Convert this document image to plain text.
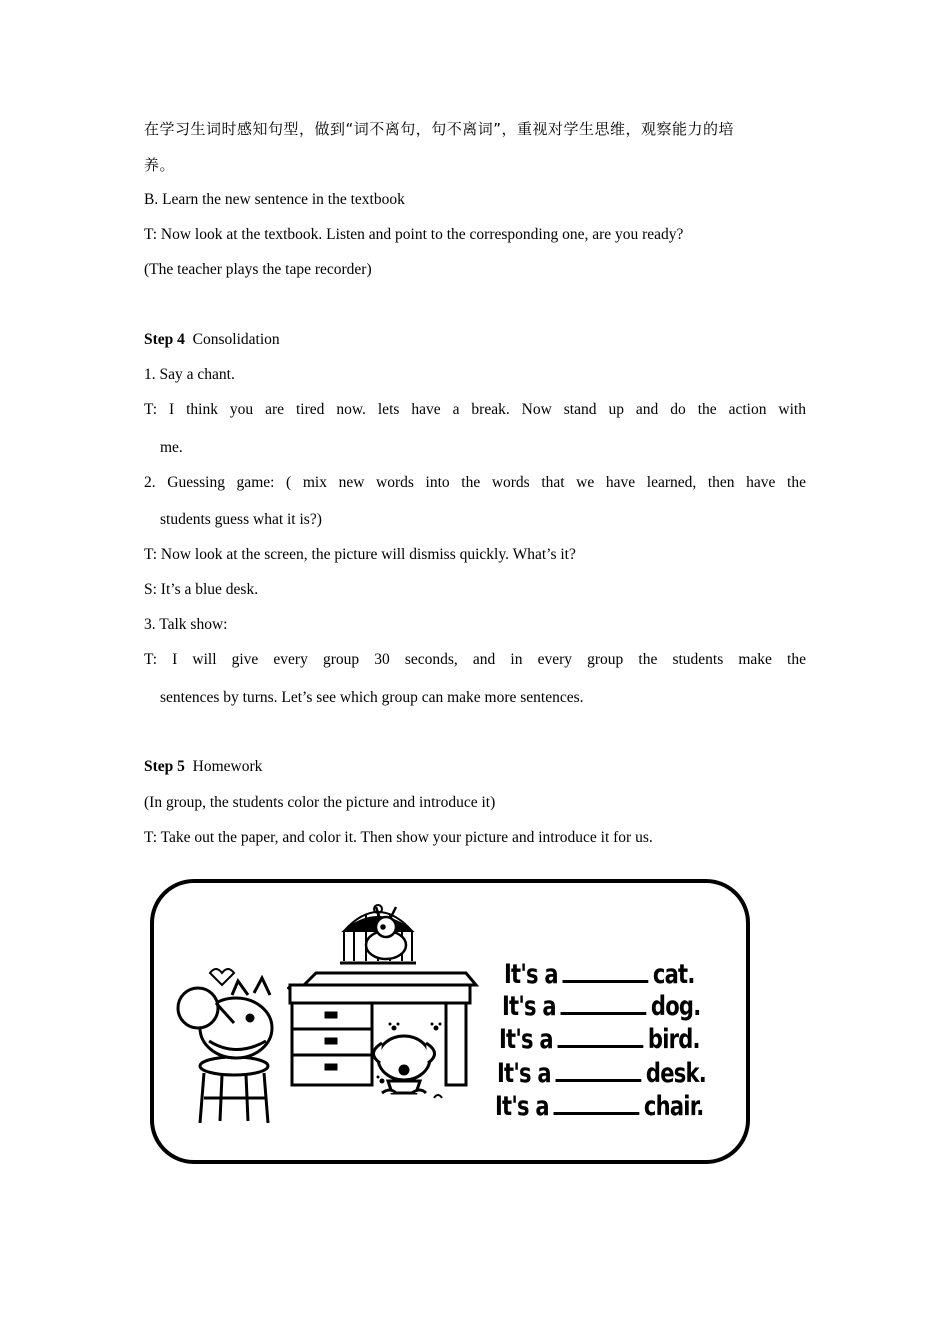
在学习生词时感知句型，做到“词不离句，句不离词”，重视对学生思维，观察能力的培
养。
B. Learn the new sentence in the textbook
T: Now look at the textbook. Listen and point to the corresponding one, are you ready?
(The teacher plays the tape recorder)
Step 4 Consolidation
1. Say a chant.
T: I think you are tired now. lets have a break. Now stand up and do the action with
me.
2. Guessing game: ( mix new words into the words that we have learned, then have the
students guess what it is?)
T: Now look at the screen, the picture will dismiss quickly. What’s it?
S: It’s a blue desk.
3. Talk show:
T: I will give every group 30 seconds, and in every group the students make the
sentences by turns. Let’s see which group can make more sentences.
Step 5 Homework
(In group, the students color the picture and introduce it)
T: Take out the paper, and color it. Then show your picture and introduce it for us.
It's a	cat.
It's a	dog.
It's a	bird.
It's a	desk.
It's a	chair.
